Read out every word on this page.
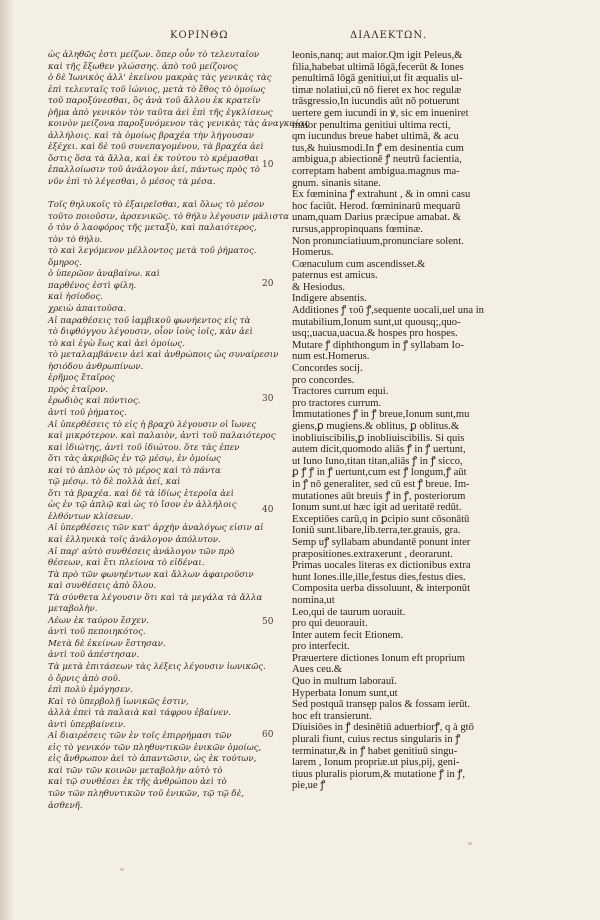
ΚΟΡΙΝΘΩ	ΔΙΑΛΕΚΤΩΝ.
ὡς ἀληθῶς ἐστι μείζων. ὅπερ οὖν τὸ τελευταῖον
καὶ τῆς ἔξωθεν γλώσσης. ἀπὸ τοῦ μείζονος
ὁ δὲ Ἰωνικὸς ἀλλ' ἐκείνου μακρὰς τὰς γενικὰς τὰς
ἐπὶ τελευταῖς τοῦ ἰώνιος, μετὰ τὸ ἔθος τὸ ὁμοίως
τοῦ παροξύνεσθαι, ὃς ἀνὰ τοῦ ἄλλου ἐκ κρατεῖν
ῥῆμα ἀπὸ γενικὸν τὸν ταῦτα ἀεὶ ἐπὶ τῆς ἐγκλίσεως
κοινὸν μείζονα παροξυνόμενον τὰς γενικὰς τὰς ἀναγκαίας
ἀλλήλοις. καὶ τὰ ὁμοίως βραχέα τὴν λήγουσαν
ἐξέχει. καὶ δὲ τοῦ συνεπαγομένου, τὰ βραχέα ἀεὶ
ὅστις ὅσα τὰ ἄλλα, καὶ ἐκ τούτου τὸ κρέμασθαι
ἐπαλλοίωσιν τοῦ ἀνάλογον ἀεί, πάντως πρὸς τὸ
νῦν ἐπὶ τὸ λέγεσθαι, ὁ μέσος τὰ μέσα.
Τοῖς θηλυκοῖς τὸ ἐξαιρεῖσθαι, καὶ ὅλως τὸ μέσον
τοῦτο ποιοῦσιν, ἀρσενικῶς. τὸ θήλυ λέγουσιν μάλιστα
ὁ τὸν ὁ λαοφόρος τῆς μεταξὺ, καὶ παλαιότερος,
τὸν τὸ θήλυ.
τὸ καὶ λεγόμενον μέλλοντος μετὰ τοῦ ῥήματος.
ὅμηρος.
ὁ ὑπερῶον ἀναβαίνω. καὶ
παρθένος ἐστὶ φίλη.
καὶ ἡσίοδος.
χρειὼ ἀπαιτοῦσα.
Αἱ παραθέσεις τοῦ ἰαμβικοῦ φωνήεντος εἰς τὰ
τὸ διφθόγγου λέγουσιν, οἷον ἰοὺς ἰοῖς, κἀν ἀεὶ
τὸ καὶ ἐγὼ ἕως καὶ ἀεὶ ὁμοίως.
τὸ μεταλαμβάνειν ἀεὶ καὶ ἀνθρώποις ὡς συναίρεσιν
ἡσιόδου ἀνθρωπίνων.
ἐρῆμος ἕταῖρος
πρὸς ἑταῖρον.
ἐρωδιὸς καὶ πόντιος.
ἀντὶ τοῦ ῥήματος.
Αἱ ὑπερθέσεις τὸ εἰς ἡ βραχὺ λέγουσιν οἱ ἴωνες
καὶ μικρότερον. καὶ παλαιὸν, ἀντὶ τοῦ παλαιότερος
καὶ ἰδιώτης, ἀντὶ τοῦ ἰδιώτου. ὅτε τὰς ἐπεν
ὅτι τὰς ἀκριβῶς ἐν τῷ μέσῳ, ἐν ὁμοίως
καὶ τὸ ἁπλὸν ὡς τὸ μέρος καὶ τὸ πάντα
τῷ μέσῳ. τὸ δὲ πολλὰ ἀεί, καὶ
ὅτι τὰ βραχέα. καὶ δὲ τὰ ἰδίως ἑτεροῖα ἀεὶ
ὡς ἐν τῷ ἁπλῷ καὶ ὡς τὸ ἴσον ἐν ἀλλήλοις
ἐλθόντων κλίσεων.
Αἱ ὑπερθέσεις τῶν κατ' ἀρχὴν ἀναλόγως εἰσιν αἱ
καὶ ἑλληνικὰ τοῖς ἀνάλογον ἀπόλυτον.
Αἱ παρ' αὐτὸ συνθέσεις ἀνάλογον τῶν πρὸ
θέσεων, καὶ ἔτι πλείονα τὸ εἰδέναι.
Τὰ πρὸ τῶν φωνηέντων καὶ ἄλλων ἀφαιροῦσιν
καὶ συνθέσεις ἀπὸ ὅλου.
Τὰ σύνθετα λέγουσιν ὅτι καὶ τὰ μεγάλα τὰ ἄλλα
μεταβολὴν.
Λέων ἐκ ταύρου ἔσχεν.
ἀντὶ τοῦ πεποιηκότος.
Μετὰ δὲ ἐκείνων ἔστησαν.
ἀντὶ τοῦ ἀπέστησαν.
Τὰ μετὰ ἐπιτάσεων τὰς λέξεις λέγουσιν ἰωνικῶς.
ὁ ὄρνις ἀπὸ σοῦ.
ἐπὶ πολὺ ἐμόγησεν.
Καὶ τὸ ὑπερβολῇ ἰωνικῶς ἐστιν,
ἀλλὰ ἐπεὶ τὰ παλαιὰ καὶ τάφρου ἐβαίνεν.
ἀντὶ ὑπερβαίνειν.
Αἱ διαιρέσεις τῶν ἐν τοῖς ἐπιρρήμασι τῶν
εἰς τὸ γενικόν τῶν πληθυντικῶν ἑνικῶν ὁμοίως,
εἰς ἄνθρωπον ἀεὶ τὸ ἀπαντῶσιν, ὡς ἐκ τούτων,
καὶ τῶν τῶν κοινῶν μεταβολὴν αὐτὸ τὸ
καὶ τῷ συνθέσει ἐκ τῆς ἀνθρώπου ἀεὶ τὸ
τῶν τῶν πληθυντικῶν τοῦ ἑνικῶν, τῷ τῷ δὲ,
ἀσθενῆ.
leonis,nanq; aut maior.Qm igit Peleus,&
filia,habebat ultimā lōgā,fecerūt & Iones
penultimā lōgā genitiui,ut fit æqualis ul-
timæ nolatiui,cū nō fieret ex hoc regulæ
trāsgressio,In iucundis aūt nō potuerunt
uertere gem iucundi in ꝟ, sic em inueniret
maior penultima genitiui ultima recti,
qm iucundus breue habet ultimā, & acu
tus,& huiusmodi.In ꝭ em desinentia cum
ambigua,p abiectionē ꝭ neutrū facientia,
correptam habent ambigua.magnus ma-
gnum. sinanis sitane.
Ex fœminina ꝭ extrahunt , & in omni casu
hoc faciūt. Herod. fœmininarū mequarū
unam,quam Darius præcipue amabat. &
rursus,appropinquans fœminæ.
Non pronunciatiuum,pronunciare solent.
Homerus.
Cœnaculum cum ascendisset.&
paternus est amicus.
& Hesiodus.
Indigere absentis.
Additiones ꝭ τοῦ ꝭ,sequente uocali,uel una in
mutabilium,Ionum sunt,ut quousq;,quo-
usq;,uacua,uacua.& hospes pro hospes.
Mutare ꝭ diphthongum in ꝭ syllabam Io-
num est.Homerus.
Concordes socij.
pro concordes.
Tractores currum equi.
pro tractores currum.
Immutationes ꝭ in ꝭ breue,Ionum sunt,mu
giens,ꝑ mugiens.& oblitus, ꝑ oblitus.&
inobliuiscibilis,ꝑ inobliuiscibilis. Si quis
autem dicit,quomodo aliās ꝭ in ꝭ uertunt,
ut Iuno Iuno,titan titan,aliās ꝭ in ꝭ sicco,
ꝑ ꝭ ꝭ in ꝭ uertunt,cum est ꝭ longum,ꝭ aūt
in ꝭ nō generaliter, sed cū est ꝭ breue. Im-
mutationes aūt breuis ꝭ in ꝭ, posteriorum
Ionum sunt.ut hæc igit ad ueritatē redūt.
Exceptiōes carū,q in ꝑcipio sunt cōsonātū
Ioniū sunt.libare,lib.terra,ter.grauis, gra.
Semp uꝭ syllabam abundantē ponunt inter
præpositiones.extraxerunt , deorarunt.
Primas uocales literas ex dictionibus extra
hunt Iones.ille,ille,festus dies,festus dies.
Composita uerba dissoluunt, & interponūt
nomina,ut
Leo,qui de taurum uorauit.
pro qui deuorauit.
Inter autem fecit Etionem.
pro interfecit.
Præuertere dictiones Ionum eft proprium
Aues ceu.&
Quo in multum laborauī.
Hyperbata Ionum sunt,ut
Sed postquā transęp palos & fossam ierūt.
hoc eft transierunt.
Diuisiōes in ꝭ desinētiū aduerbiorꝭ, q à gtō
plurali fiunt, cuius rectus singularis in ꝭ
terminatur,& in ꝭ habet genitiuū singu-
larem , Ionum propriæ.ut pius,pij, geni-
tiuus pluralis piorum,& mutatione ꝭ in ꝭ,
pie,ue ꝭ
10
20
30
40
50
60
